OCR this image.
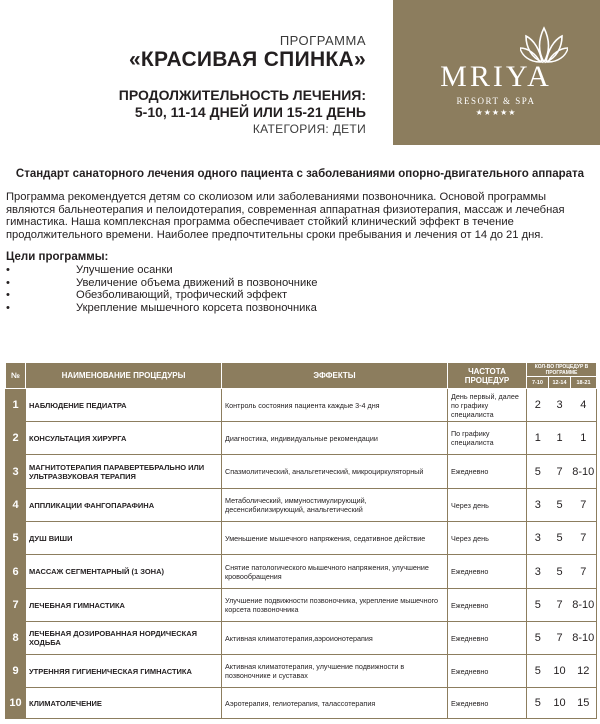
ПРОГРАММА
«КРАСИВАЯ СПИНКА»
ПРОДОЛЖИТЕЛЬНОСТЬ ЛЕЧЕНИЯ:
5-10, 11-14 ДНЕЙ ИЛИ 15-21 ДЕНЬ
КАТЕГОРИЯ: ДЕТИ
MRIYA
RESORT & SPA
★★★★★
Стандарт санаторного лечения одного пациента с заболеваниями опорно-двигательного аппарата
Программа рекомендуется детям со сколиозом или заболеваниями позвоночника. Основой программы являются бальнеотерапия и пелоидотерапия, современная аппаратная физиотерапия, массаж и лечебная гимнастика. Наша комплексная программа обеспечивает стойкий клинический эффект в течение продолжительного времени. Наиболее предпочтительны сроки пребывания и лечения от 14 до 21 дня.
Цели программы:
•	Улучшение осанки
•	Увеличение объема движений в позвоночнике
•	Обезболивающий, трофический эффект
•	Укрепление мышечного корсета позвоночника
№	НАИМЕНОВАНИЕ ПРОЦЕДУРЫ	ЭФФЕКТЫ	ЧАСТОТА ПРОЦЕДУР	КОЛ-ВО ПРОЦЕДУР В ПРОГРАММЕ		
				7-10	12-14	18-21
1	НАБЛЮДЕНИЕ ПЕДИАТРА	Контроль состояния пациента каждые 3-4 дня	День первый, далее по графику специалиста	2	3	4
2	КОНСУЛЬТАЦИЯ ХИРУРГА	Диагностика, индивидуальные рекомендации	По графику специалиста	1	1	1
3	МАГНИТОТЕРАПИЯ ПАРАВЕРТЕБРАЛЬНО ИЛИ УЛЬТРАЗВУКОВАЯ ТЕРАПИЯ	Спазмолитический, анальгетический, микроциркуляторный	Ежедневно	5	7	8-10
4	АППЛИКАЦИИ ФАНГОПАРАФИНА	Метаболический, иммуностимулирующий, десенсибилизирующий, анальгетический	Через день	3	5	7
5	ДУШ ВИШИ	Уменьшение мышечного напряжения, седативное действие	Через день	3	5	7
6	МАССАЖ СЕГМЕНТАРНЫЙ (1 ЗОНА)	Снятие патологического мышечного напряжения, улучшение кровообращения	Ежедневно	3	5	7
7	ЛЕЧЕБНАЯ ГИМНАСТИКА	Улучшение подвижности позвоночника, укрепление мышечного корсета позвоночника	Ежедневно	5	7	8-10
8	ЛЕЧЕБНАЯ ДОЗИРОВАННАЯ НОРДИЧЕСКАЯ ХОДЬБА	Активная климатотерапия,аэроионотерапия	Ежедневно	5	7	8-10
9	УТРЕННЯЯ ГИГИЕНИЧЕСКАЯ ГИМНАСТИКА	Активная климатотерапия, улучшение подвижности в позвоночнике и суставах	Ежедневно	5	10	12
10	КЛИМАТОЛЕЧЕНИЕ	Аэротерапия, гелиотерапия, талассотерапия	Ежедневно	5	10	15
